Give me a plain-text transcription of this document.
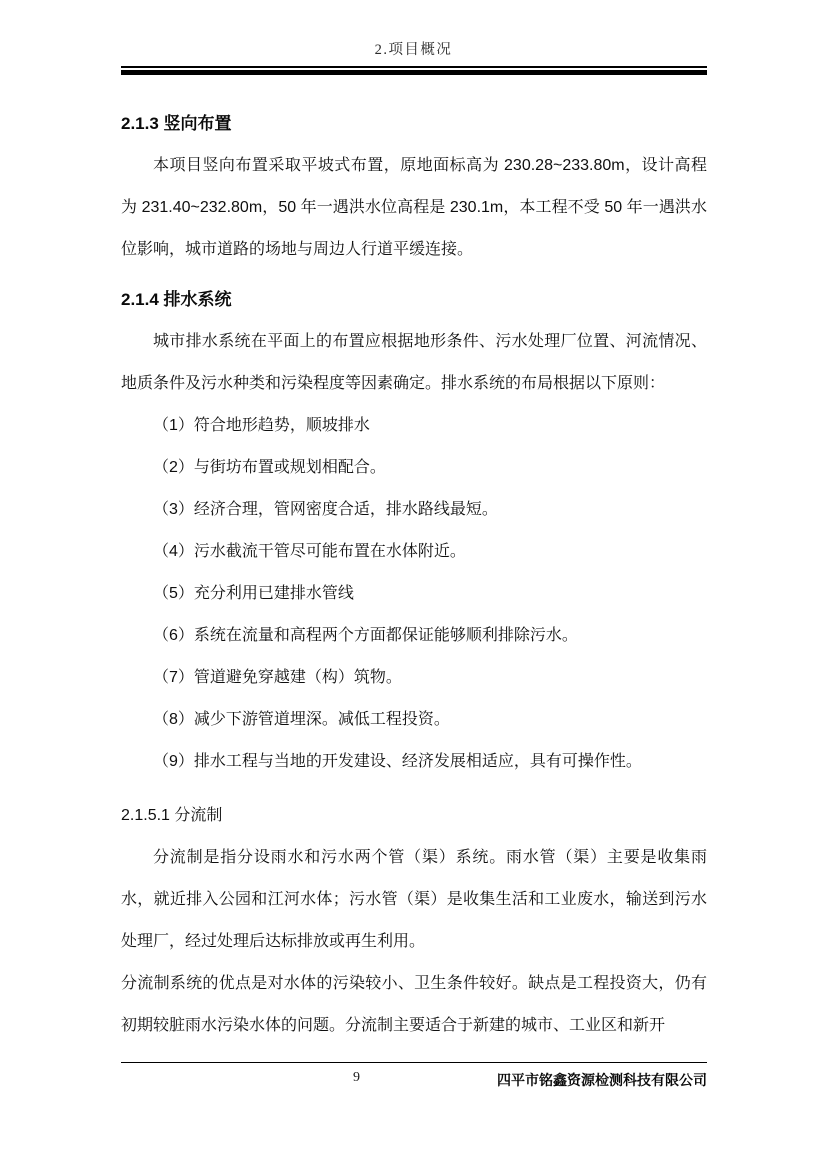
2.项目概况
2.1.3 竖向布置

本项目竖向布置采取平坡式布置，原地面标高为 230.28~233.80m，设计高程为 231.40~232.80m，50 年一遇洪水位高程是 230.1m，本工程不受 50 年一遇洪水位影响，城市道路的场地与周边人行道平缓连接。

2.1.4 排水系统

城市排水系统在平面上的布置应根据地形条件、污水处理厂位置、河流情况、地质条件及污水种类和污染程度等因素确定。排水系统的布局根据以下原则：

（1）符合地形趋势，顺坡排水

（2）与街坊布置或规划相配合。

（3）经济合理，管网密度合适，排水路线最短。

（4）污水截流干管尽可能布置在水体附近。

（5）充分利用已建排水管线

（6）系统在流量和高程两个方面都保证能够顺利排除污水。

（7）管道避免穿越建（构）筑物。

（8）减少下游管道埋深。减低工程投资。

（9）排水工程与当地的开发建设、经济发展相适应，具有可操作性。

2.1.5.1 分流制

分流制是指分设雨水和污水两个管（渠）系统。雨水管（渠）主要是收集雨水，就近排入公园和江河水体；污水管（渠）是收集生活和工业废水，输送到污水处理厂，经过处理后达标排放或再生利用。

分流制系统的优点是对水体的污染较小、卫生条件较好。缺点是工程投资大，仍有初期较脏雨水污染水体的问题。分流制主要适合于新建的城市、工业区和新开

9	四平市铭鑫资源检测科技有限公司
